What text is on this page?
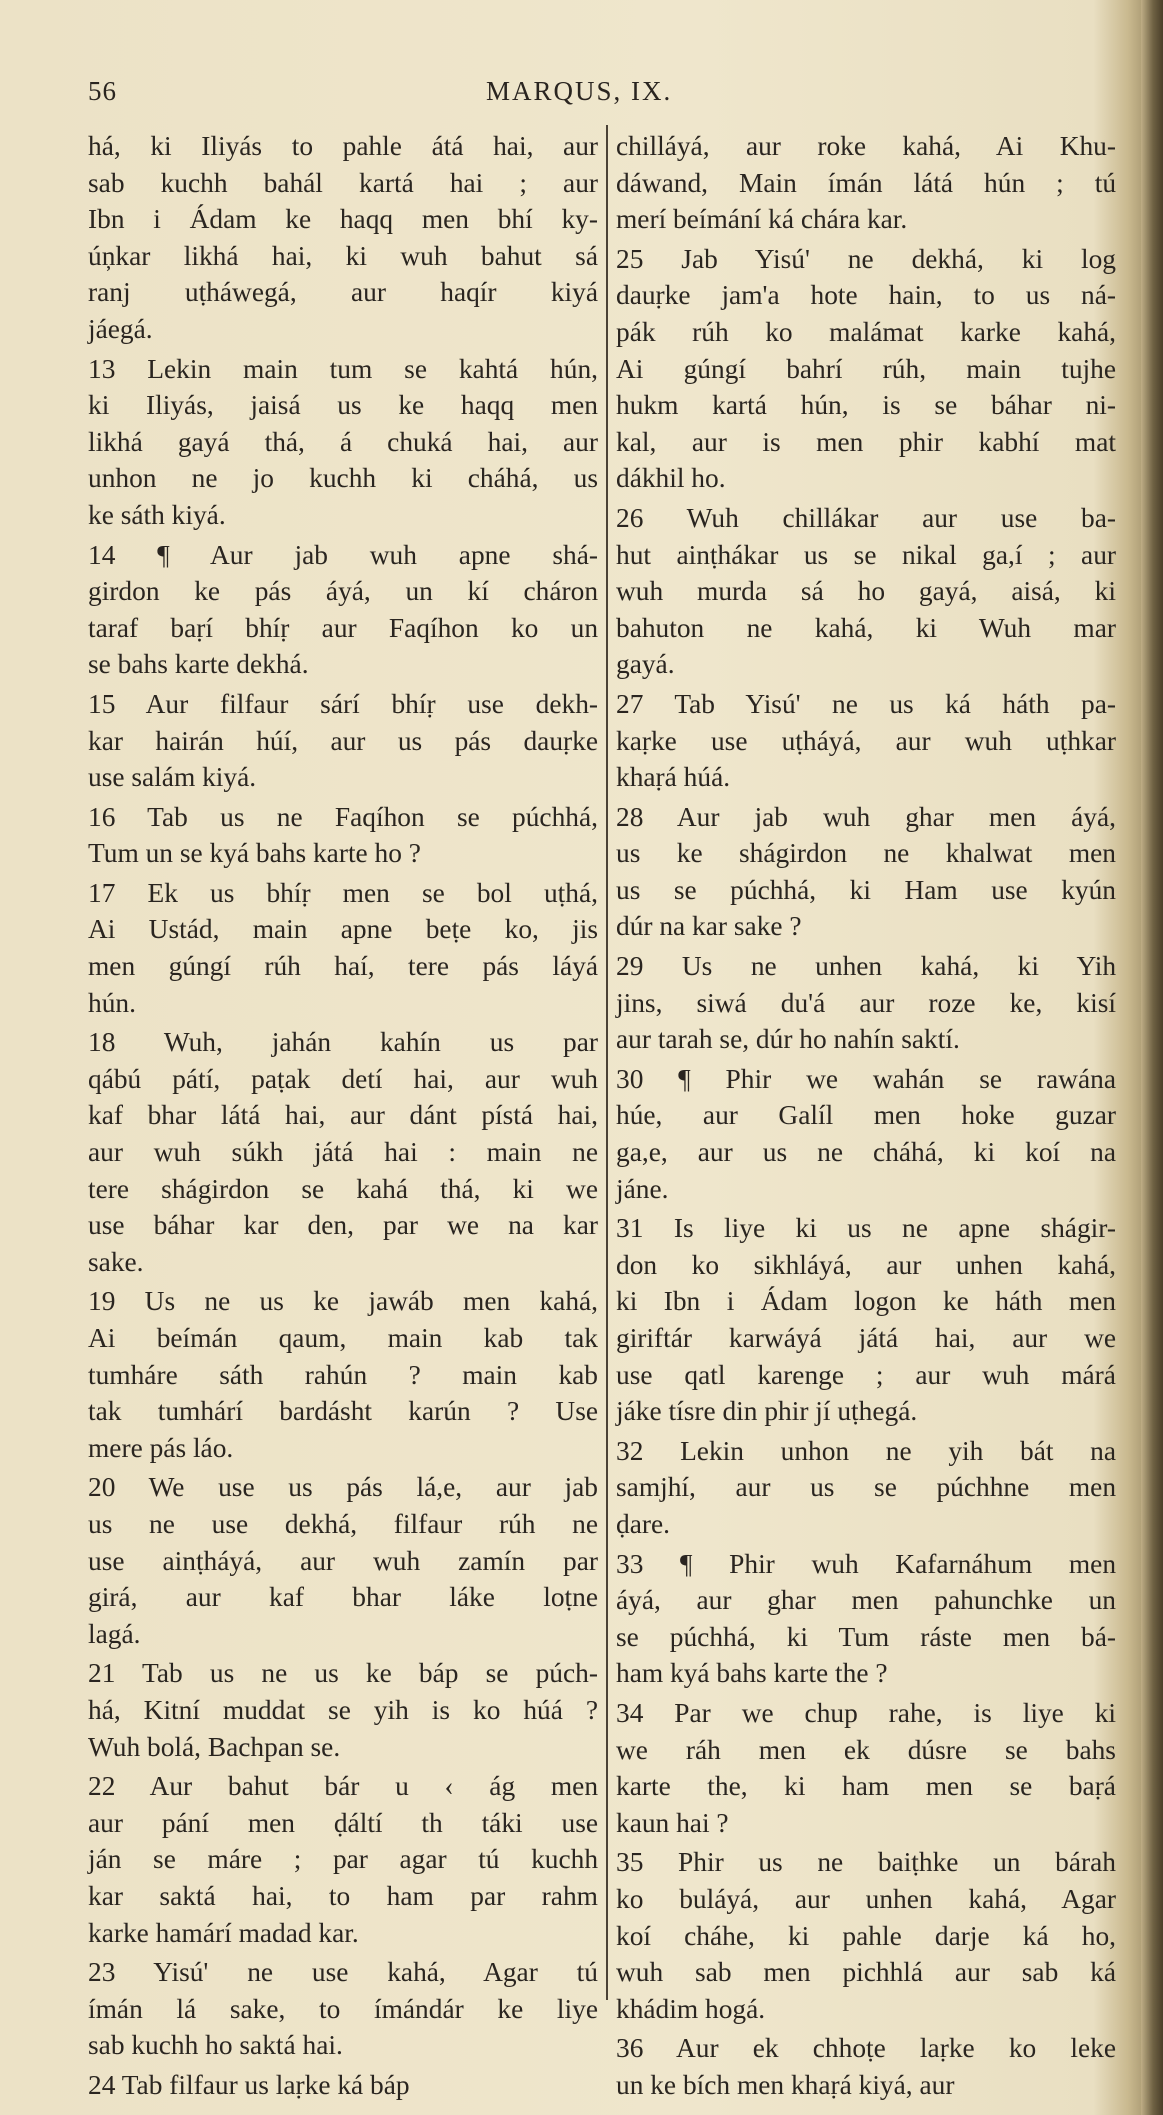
56	MARQUS, IX.
há, ki Iliyás to pahle átá hai, aur
sab kuchh bahál kartá hai ; aur
Ibn i Ádam ke haqq men bhí ky-
úņkar likhá hai, ki wuh bahut sá
ranj uṭháwegá, aur haqír kiyá
jáegá.
13 Lekin main tum se kahtá hún,
ki Iliyás, jaisá us ke haqq men
likhá gayá thá, á chuká hai, aur
unhon ne jo kuchh ki cháhá, us
ke sáth kiyá.
14 ¶ Aur jab wuh apne shá-
girdon ke pás áyá, un kí cháron
taraf baṛí bhíṛ aur Faqíhon ko un
se bahs karte dekhá.
15 Aur filfaur sárí bhíṛ use dekh-
kar hairán húí, aur us pás dauṛke
use salám kiyá.
16 Tab us ne Faqíhon se púchhá,
Tum un se kyá bahs karte ho ?
17 Ek us bhíṛ men se bol uṭhá,
Ai Ustád, main apne beṭe ko, jis
men gúngí rúh haí, tere pás láyá
hún.
18 Wuh, jahán kahín us par
qábú pátí, paṭak detí hai, aur wuh
kaf bhar látá hai, aur dánt pístá hai,
aur wuh súkh játá hai : main ne
tere shágirdon se kahá thá, ki we
use báhar kar den, par we na kar
sake.
19 Us ne us ke jawáb men kahá,
Ai beímán qaum, main kab tak
tumháre sáth rahún ? main kab
tak tumhárí bardásht karún ? Use
mere pás láo.
20 We use us pás lá,e, aur jab
us ne use dekhá, filfaur rúh ne
use ainṭháyá, aur wuh zamín par
girá, aur kaf bhar láke loṭne
lagá.
21 Tab us ne us ke báp se púch-
há, Kitní muddat se yih is ko húá ?
Wuh bolá, Bachpan se.
22 Aur bahut bár u ‹ ág men
aur pání men ḍáltí th táki use
ján se máre ; par agar tú kuchh
kar saktá hai, to ham par rahm
karke hamárí madad kar.
23 Yisú' ne use kahá, Agar tú
ímán lá sake, to ímándár ke liye
sab kuchh ho saktá hai.
24 Tab filfaur us laṛke ká báp
chilláyá, aur roke kahá, Ai Khu-
dáwand, Main ímán látá hún ; tú
merí beímání ká chára kar.
25 Jab Yisú' ne dekhá, ki log
dauṛke jam'a hote hain, to us ná-
pák rúh ko malámat karke kahá,
Ai gúngí bahrí rúh, main tujhe
hukm kartá hún, is se báhar ni-
kal, aur is men phir kabhí mat
dákhil ho.
26 Wuh chillákar aur use ba-
hut ainṭhákar us se nikal ga,í ; aur
wuh murda sá ho gayá, aisá, ki
bahuton ne kahá, ki Wuh mar
gayá.
27 Tab Yisú' ne us ká háth pa-
kaṛke use uṭháyá, aur wuh uṭhkar
khaṛá húá.
28 Aur jab wuh ghar men áyá,
us ke shágirdon ne khalwat men
us se púchhá, ki Ham use kyún
dúr na kar sake ?
29 Us ne unhen kahá, ki Yih
jins, siwá du'á aur roze ke, kisí
aur tarah se, dúr ho nahín saktí.
30 ¶ Phir we wahán se rawána
húe, aur Galíl men hoke guzar
ga,e, aur us ne cháhá, ki koí na
jáne.
31 Is liye ki us ne apne shágir-
don ko sikhláyá, aur unhen kahá,
ki Ibn i Ádam logon ke háth men
giriftár karwáyá játá hai, aur we
use qatl karenge ; aur wuh márá
jáke tísre din phir jí uṭhegá.
32 Lekin unhon ne yih bát na
samjhí, aur us se púchhne men
ḍare.
33 ¶ Phir wuh Kafarnáhum men
áyá, aur ghar men pahunchke un
se púchhá, ki Tum ráste men bá-
ham kyá bahs karte the ?
34 Par we chup rahe, is liye ki
we ráh men ek dúsre se bahs
karte the, ki ham men se baṛá
kaun hai ?
35 Phir us ne baiṭhke un bárah
ko buláyá, aur unhen kahá, Agar
koí cháhe, ki pahle darje ká ho,
wuh sab men pichhlá aur sab ká
khádim hogá.
36 Aur ek chhoṭe laṛke ko leke
un ke bích men khaṛá kiyá, aur
